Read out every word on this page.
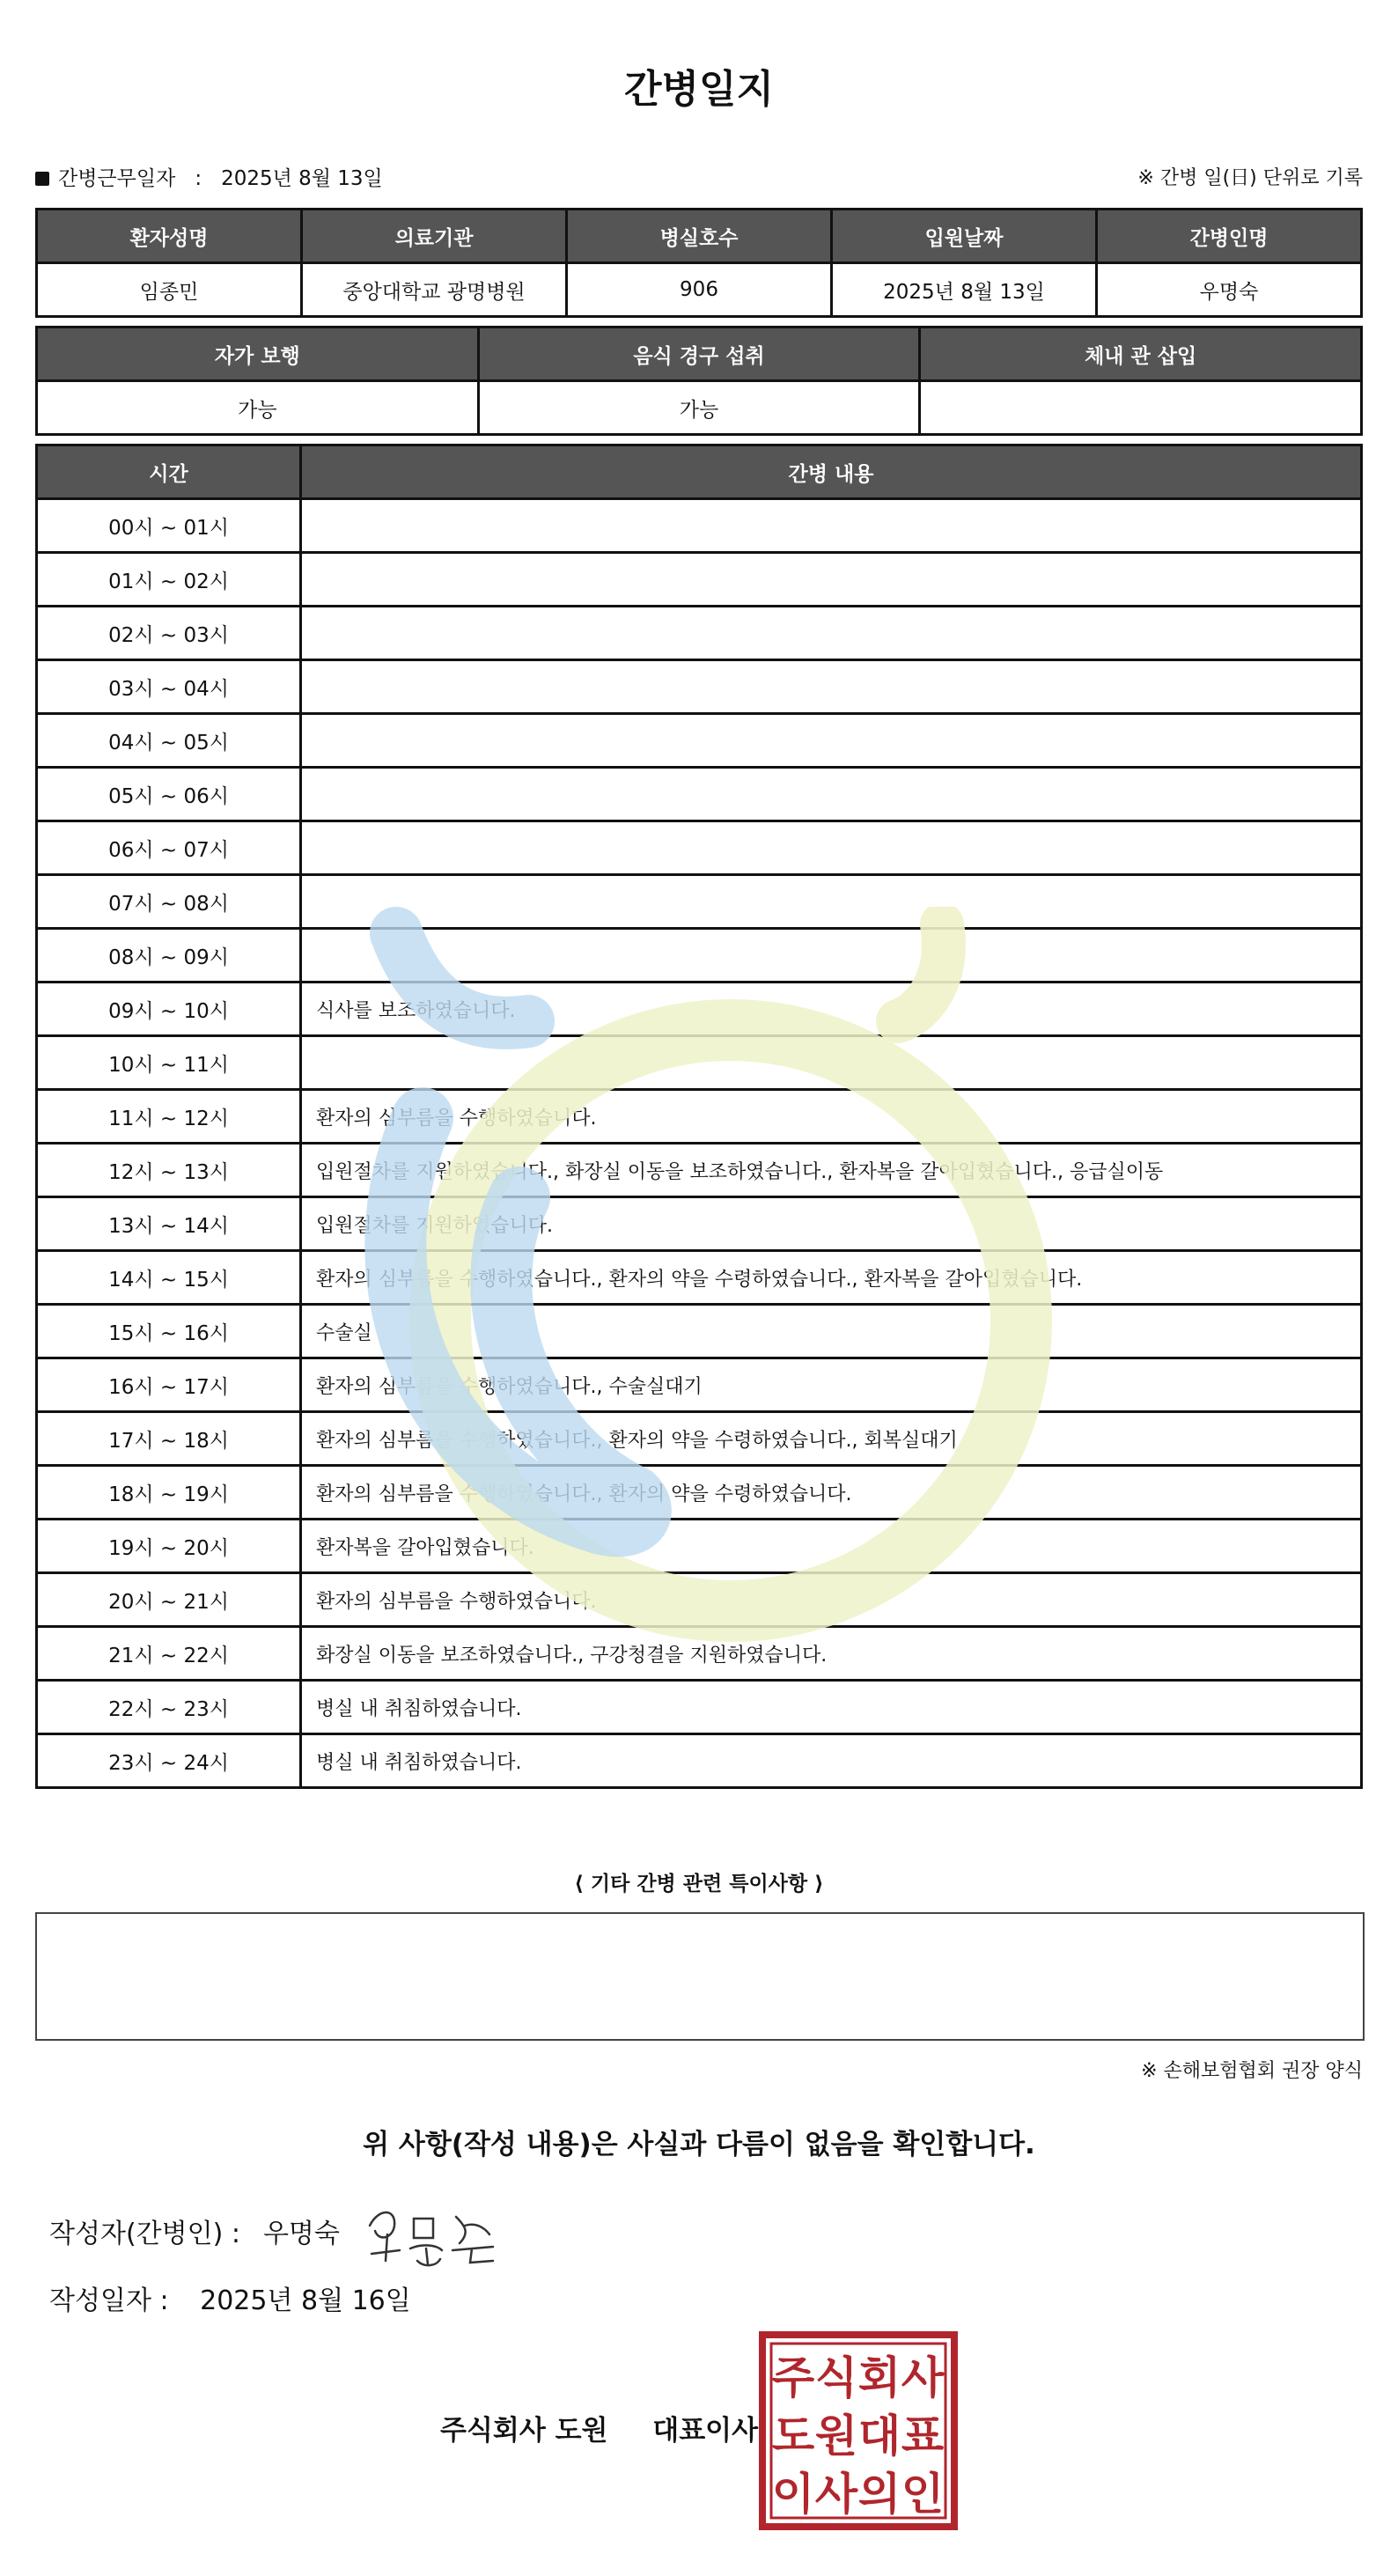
간병일지
간병근무일자 : 2025년 8월 13일	※ 간병 일(日) 단위로 기록
환자성명	의료기관	병실호수	입원날짜	간병인명
임종민	중앙대학교 광명병원	906	2025년 8월 13일	우명숙
자가 보행	음식 경구 섭취	체내 관 삽입
가능	가능	
시간	간병 내용
00시 ~ 01시	
01시 ~ 02시	
02시 ~ 03시	
03시 ~ 04시	
04시 ~ 05시	
05시 ~ 06시	
06시 ~ 07시	
07시 ~ 08시	
08시 ~ 09시	
09시 ~ 10시	식사를 보조하였습니다.
10시 ~ 11시	
11시 ~ 12시	환자의 심부름을 수행하였습니다.
12시 ~ 13시	입원절차를 지원하였습니다., 화장실 이동을 보조하였습니다., 환자복을 갈아입혔습니다., 응급실이동
13시 ~ 14시	입원절차를 지원하였습니다.
14시 ~ 15시	환자의 심부름을 수행하였습니다., 환자의 약을 수령하였습니다., 환자복을 갈아입혔습니다.
15시 ~ 16시	수술실
16시 ~ 17시	환자의 심부름을 수행하였습니다., 수술실대기
17시 ~ 18시	환자의 심부름을 수행하였습니다., 환자의 약을 수령하였습니다., 회복실대기
18시 ~ 19시	환자의 심부름을 수행하였습니다., 환자의 약을 수령하였습니다.
19시 ~ 20시	환자복을 갈아입혔습니다.
20시 ~ 21시	환자의 심부름을 수행하였습니다.
21시 ~ 22시	화장실 이동을 보조하였습니다., 구강청결을 지원하였습니다.
22시 ~ 23시	병실 내 취침하였습니다.
23시 ~ 24시	병실 내 취침하였습니다.
⟨ 기타 간병 관련 특이사항 ⟩
※ 손해보험협회 권장 양식
위 사항(작성 내용)은 사실과 다름이 없음을 확인합니다.
작성자(간병인) : 우명숙
작성일자 : 2025년 8월 16일
주식회사 도원 대표이사
주 식 회 사
도 원 대 표
이 사 의 인
